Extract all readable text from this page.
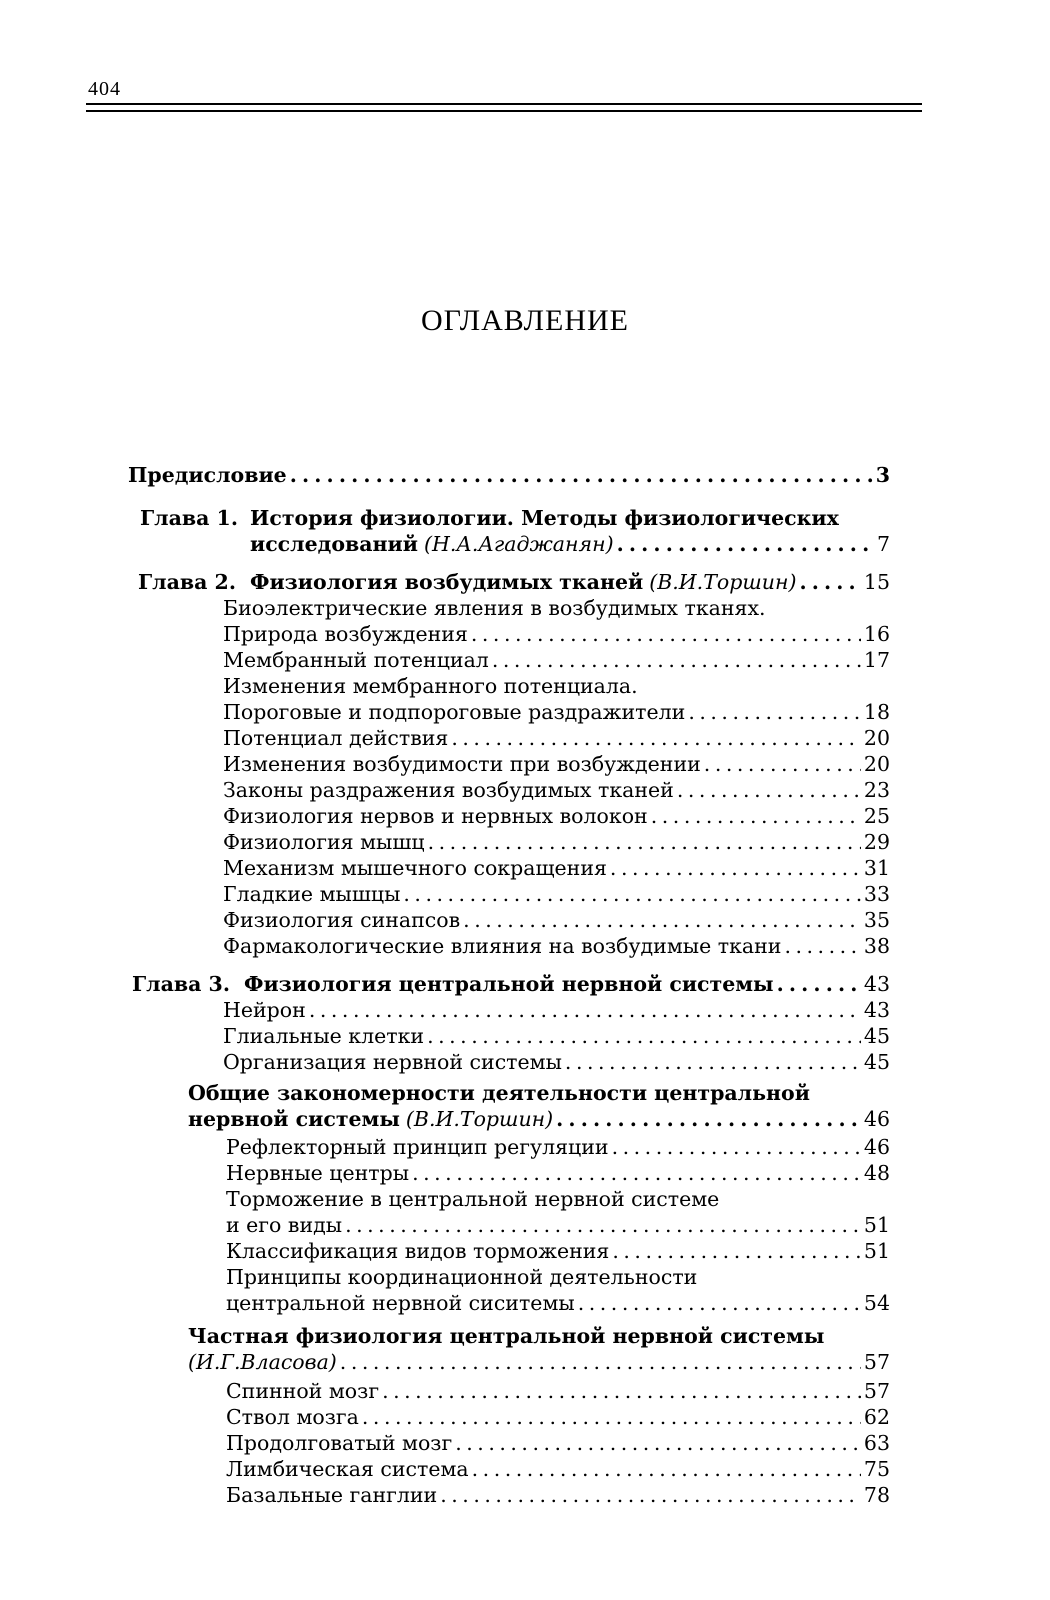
404
ОГЛАВЛЕНИЕ
Предисловие . . .	3
Глава 1. История физиологии. Методы физиологических
исследований (Н.А.Агаджанян) . . .	7
Глава 2. Физиология возбудимых тканей (В.И.Торшин) . . .	15
Биоэлектрические явления в возбудимых тканях.
Природа возбуждения . . .	16
Мембранный потенциал . . .	17
Изменения мембранного потенциала.
Пороговые и подпороговые раздражители . . .	18
Потенциал действия . . .	20
Изменения возбудимости при возбуждении . . .	20
Законы раздражения возбудимых тканей . . .	23
Физиология нервов и нервных волокон . . .	25
Физиология мышц . . .	29
Механизм мышечного сокращения . . .	31
Гладкие мышцы . . .	33
Физиология синапсов . . .	35
Фармакологические влияния на возбудимые ткани . . .	38
Глава 3. Физиология центральной нервной системы . . .	43
Нейрон . . .	43
Глиальные клетки . . .	45
Организация нервной системы . . .	45
Общие закономерности деятельности центральной
нервной системы (В.И.Торшин) . . .	46
Рефлекторный принцип регуляции . . .	46
Нервные центры . . .	48
Торможение в центральной нервной системе
и его виды . . .	51
Классификация видов торможения . . .	51
Принципы координационной деятельности
центральной нервной сиситемы . . .	54
Частная физиология центральной нервной системы
(И.Г.Власова) . . .	57
Спинной мозг . . .	57
Ствол мозга . . .	62
Продолговатый мозг . . .	63
Лимбическая система . . .	75
Базальные ганглии . . .	78
